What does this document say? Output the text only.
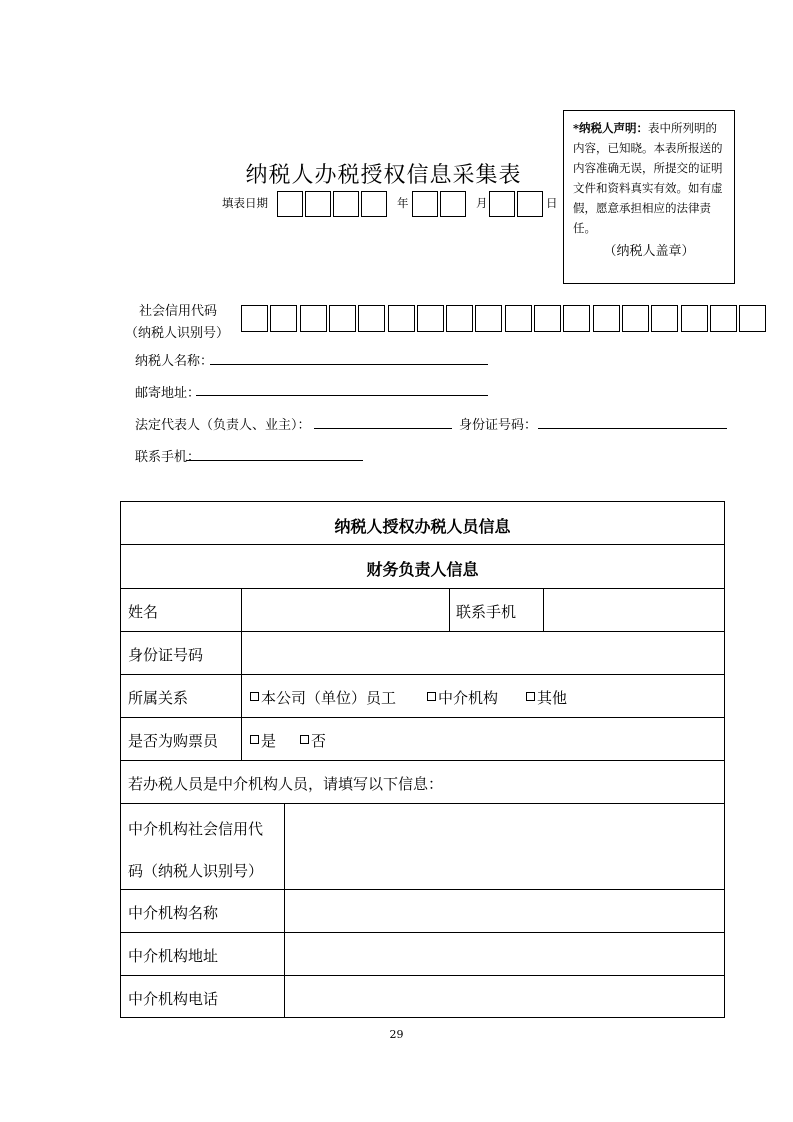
*纳税人声明：表中所列明的内容，已知晓。本表所报送的内容准确无误，所提交的证明文件和资料真实有效。如有虚假，愿意承担相应的法律责任。
（纳税人盖章）
纳税人办税授权信息采集表
填表日期	年	月	日
社会信用代码
（纳税人识别号）
纳税人名称：
邮寄地址：
法定代表人（负责人、业主）：	身份证号码：
联系手机：
纳税人授权办税人员信息
财务负责人信息
姓名	联系手机
身份证号码
所属关系	本公司（单位）员工	中介机构	其他
是否为购票员	是	否
若办税人员是中介机构人员，请填写以下信息：
中介机构社会信用代
码（纳税人识别号）
中介机构名称
中介机构地址
中介机构电话
29
